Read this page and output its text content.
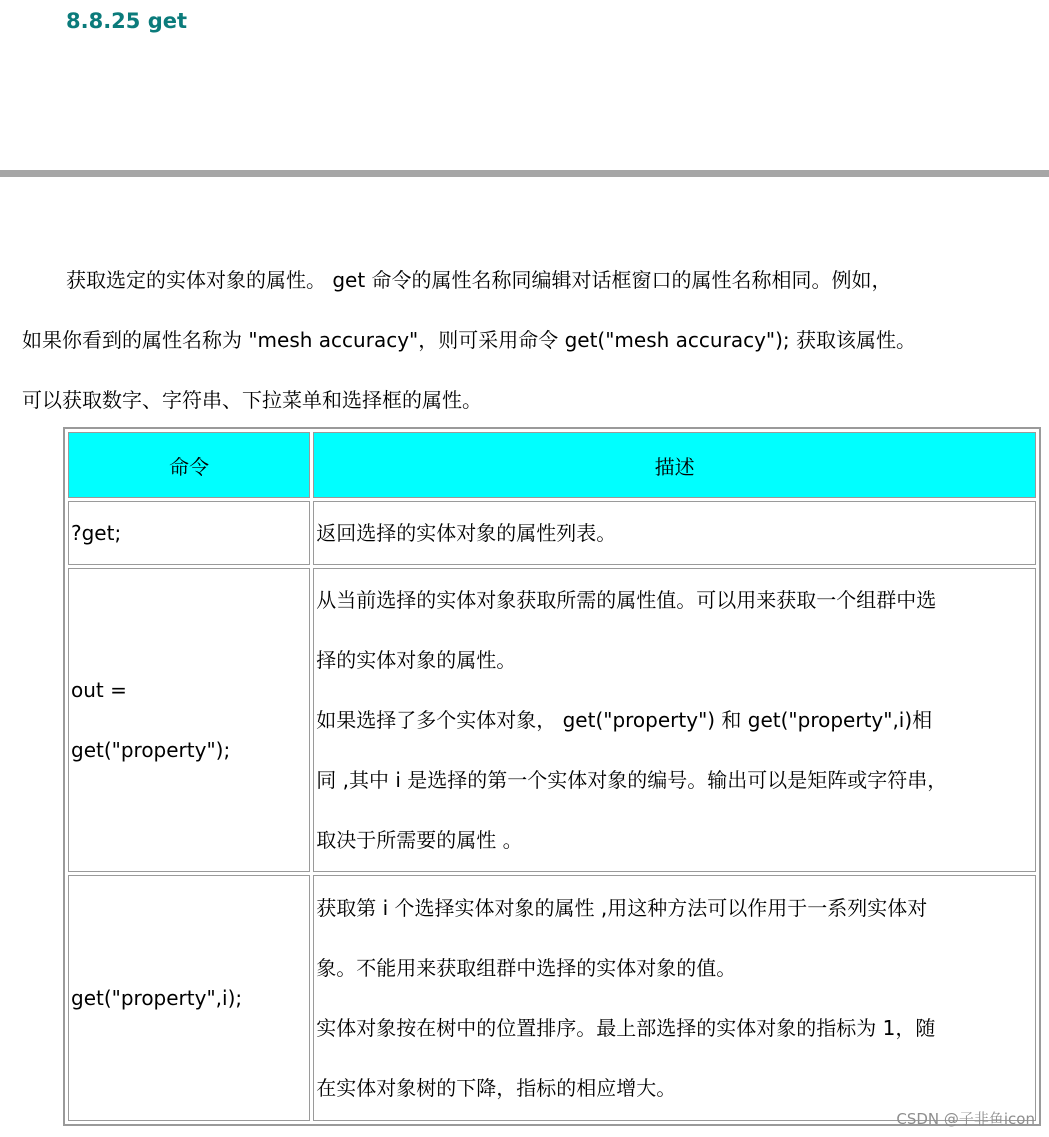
8.8.25 get

获取选定的实体对象的属性。 get 命令的属性名称同编辑对话框窗口的属性名称相同。例如，
如果你看到的属性名称为 "mesh accuracy"，则可采用命令 get("mesh accuracy"); 获取该属性。
可以获取数字、字符串、下拉菜单和选择框的属性。

命令	描述

?get;	返回选择的实体对象的属性列表。

out =
get("property");	从当前选择的实体对象获取所需的属性值。可以用来获取一个组群中选
择的实体对象的属性。
如果选择了多个实体对象， get("property") 和 get("property",i)相
同 ,其中 i 是选择的第一个实体对象的编号。输出可以是矩阵或字符串，
取决于所需要的属性 。

get("property",i);	获取第 i 个选择实体对象的属性 ,用这种方法可以作用于一系列实体对
象。不能用来获取组群中选择的实体对象的值。
实体对象按在树中的位置排序。最上部选择的实体对象的指标为 1，随
在实体对象树的下降，指标的相应增大。
CSDN @子非鱼icon
